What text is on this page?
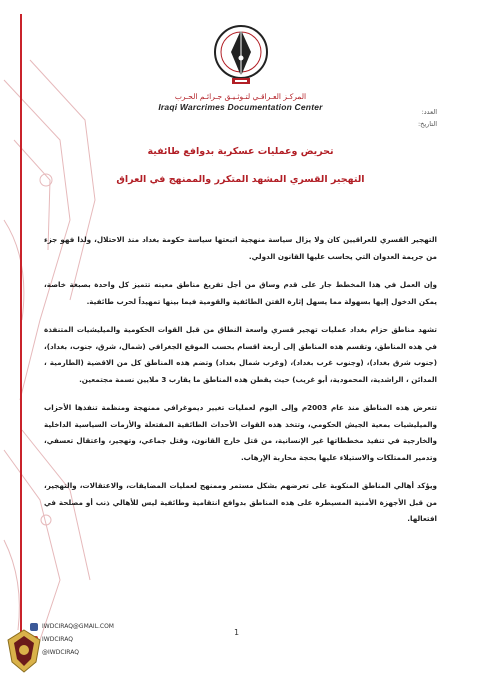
المركـز العـراقـي لتـوثـيـق جـرائـم الحـرب
Iraqi Warcrimes Documentation Center	العدد:
التاريخ:
تحريض وعمليات عسكرية بدوافع طائفية
التهجير القسري المشهد المتكرر والممنهج في العراق

التهجير القسري للعراقيين كان ولا يزال سياسة منهجية اتبعتها سياسة حكومة بغداد منذ الاحتلال، ولذا فهو جزء من جريمة العدوان التي يحاسب عليها القانون الدولي.

وإن العمل في هذا المخطط جار على قدم وساق من أجل تفريغ مناطق معينه تتميز كل واحدة بصبغة خاصة، يمكن الدخول إليها بسهولة مما يسهل إثارة الفتن الطائفية والقومية فيما بينها تمهيداً لحرب طائفية.

تشهد مناطق حزام بغداد عمليات تهجير قسري واسعة النطاق من قبل القوات الحكومية والميليشيات المتنفذة في هذه المناطق، وتقسم هذه المناطق إلى أربعة اقسام بحسب الموقع الجغرافي (شمال، شرق، جنوب، بغداد)، (جنوب شرق بغداد)، (وجنوب غرب بغداد)، (وغرب شمال بغداد) وتضم هذه المناطق كل من الاقضية (الطارمية ، المدائن ، الراشدية، المحمودية، أبو غريب) حيث يقطن هذه المناطق ما يقارب 3 ملايين نسمة مجتمعين.

تتعرض هذه المناطق منذ عام 2003م وإلى اليوم لعمليات تغيير ديموغرافي ممنهجة ومنظمة تنفذها الأحزاب والميليشيات بمعية الجيش الحكومي، وتتخذ هذه القوات الأحداث الطائفية المفتعلة والأزمات السياسية الداخلية والخارجية في تنفيذ مخططاتها غير الإنسانية، من قتل خارج القانون، وقتل جماعي، وتهجير، واعتقال تعسفي، وتدمير الممتلكات والاستيلاء عليها بحجة محاربة الإرهاب.

ويؤكد أهالي المناطق المنكوبة على تعرضهم بشكل مستمر وممنهج لعمليات المضايقات، والاعتقالات، والتهجير، من قبل الأجهزة الأمنية المسيطرة على هذه المناطق بدوافع انتقامية وطائفية ليس للأهالي ذنب أو مصلحة في افتعالها.

IWDCIRAQ@GMAIL.COM
IWDCIRAQ
@IWDCIRAQ
1
